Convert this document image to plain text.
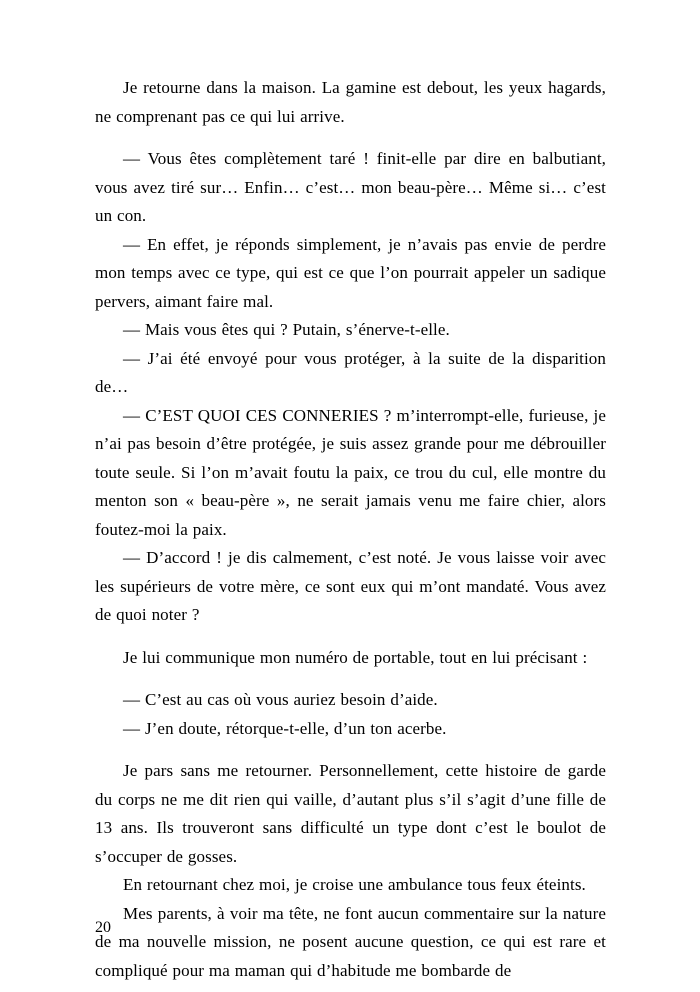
Je retourne dans la maison. La gamine est debout, les yeux hagards, ne comprenant pas ce qui lui arrive.

— Vous êtes complètement taré ! finit-elle par dire en balbutiant, vous avez tiré sur… Enfin… c’est… mon beau-père… Même si… c’est un con.

— En effet, je réponds simplement, je n’avais pas envie de perdre mon temps avec ce type, qui est ce que l’on pourrait appeler un sadique pervers, aimant faire mal.

— Mais vous êtes qui ? Putain, s’énerve-t-elle.

— J’ai été envoyé pour vous protéger, à la suite de la disparition de…

— C’EST QUOI CES CONNERIES ? m’interrompt-elle, furieuse, je n’ai pas besoin d’être protégée, je suis assez grande pour me débrouiller toute seule. Si l’on m’avait foutu la paix, ce trou du cul, elle montre du menton son « beau-père », ne serait jamais venu me faire chier, alors foutez-moi la paix.

— D’accord ! je dis calmement, c’est noté. Je vous laisse voir avec les supérieurs de votre mère, ce sont eux qui m’ont mandaté. Vous avez de quoi noter ?

Je lui communique mon numéro de portable, tout en lui précisant :

— C’est au cas où vous auriez besoin d’aide.

— J’en doute, rétorque-t-elle, d’un ton acerbe.

Je pars sans me retourner. Personnellement, cette histoire de garde du corps ne me dit rien qui vaille, d’autant plus s’il s’agit d’une fille de 13 ans. Ils trouveront sans difficulté un type dont c’est le boulot de s’occuper de gosses.

En retournant chez moi, je croise une ambulance tous feux éteints.

Mes parents, à voir ma tête, ne font aucun commentaire sur la nature de ma nouvelle mission, ne posent aucune question, ce qui est rare et compliqué pour ma maman qui d’habitude me bombarde de

20
